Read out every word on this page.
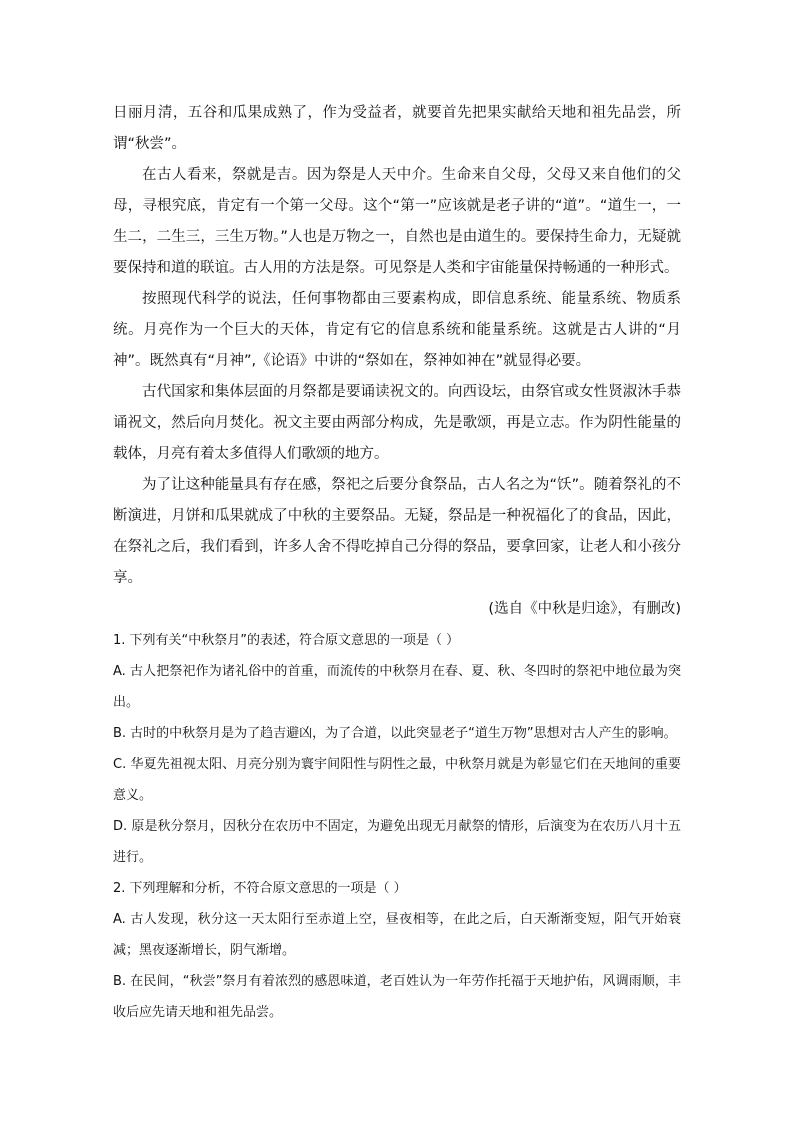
日丽月清，五谷和瓜果成熟了，作为受益者，就要首先把果实献给天地和祖先品尝，所谓“秋尝”。

在古人看来，祭就是吉。因为祭是人天中介。生命来自父母，父母又来自他们的父母，寻根究底，肯定有一个第一父母。这个“第一”应该就是老子讲的“道”。“道生一，一生二，二生三，三生万物。”人也是万物之一，自然也是由道生的。要保持生命力，无疑就要保持和道的联谊。古人用的方法是祭。可见祭是人类和宇宙能量保持畅通的一种形式。

按照现代科学的说法，任何事物都由三要素构成，即信息系统、能量系统、物质系统。月亮作为一个巨大的天体，肯定有它的信息系统和能量系统。这就是古人讲的“月神”。既然真有“月神”,《论语》中讲的“祭如在，祭神如神在”就显得必要。

古代国家和集体层面的月祭都是要诵读祝文的。向西设坛，由祭官或女性贤淑沐手恭诵祝文，然后向月焚化。祝文主要由两部分构成，先是歌颂，再是立志。作为阴性能量的载体，月亮有着太多值得人们歌颂的地方。

为了让这种能量具有存在感，祭祀之后要分食祭品，古人名之为“饫”。随着祭礼的不断演进，月饼和瓜果就成了中秋的主要祭品。无疑，祭品是一种祝福化了的食品，因此，在祭礼之后，我们看到，许多人舍不得吃掉自己分得的祭品，要拿回家，让老人和小孩分享。

(选自《中秋是归途》，有删改)

1. 下列有关“中秋祭月”的表述，符合原文意思的一项是（ ）

A. 古人把祭祀作为诸礼俗中的首重，而流传的中秋祭月在春、夏、秋、冬四时的祭祀中地位最为突出。

B. 古时的中秋祭月是为了趋吉避凶，为了合道，以此突显老子“道生万物”思想对古人产生的影响。

C. 华夏先祖视太阳、月亮分别为寰宇间阳性与阴性之最，中秋祭月就是为彰显它们在天地间的重要意义。

D. 原是秋分祭月，因秋分在农历中不固定，为避免出现无月献祭的情形，后演变为在农历八月十五进行。

2. 下列理解和分析，不符合原文意思的一项是（ ）

A. 古人发现，秋分这一天太阳行至赤道上空，昼夜相等，在此之后，白天渐渐变短，阳气开始衰减；黑夜逐渐增长，阴气渐增。

B. 在民间，“秋尝”祭月有着浓烈的感恩味道，老百姓认为一年劳作托福于天地护佑，风调雨顺，丰收后应先请天地和祖先品尝。
